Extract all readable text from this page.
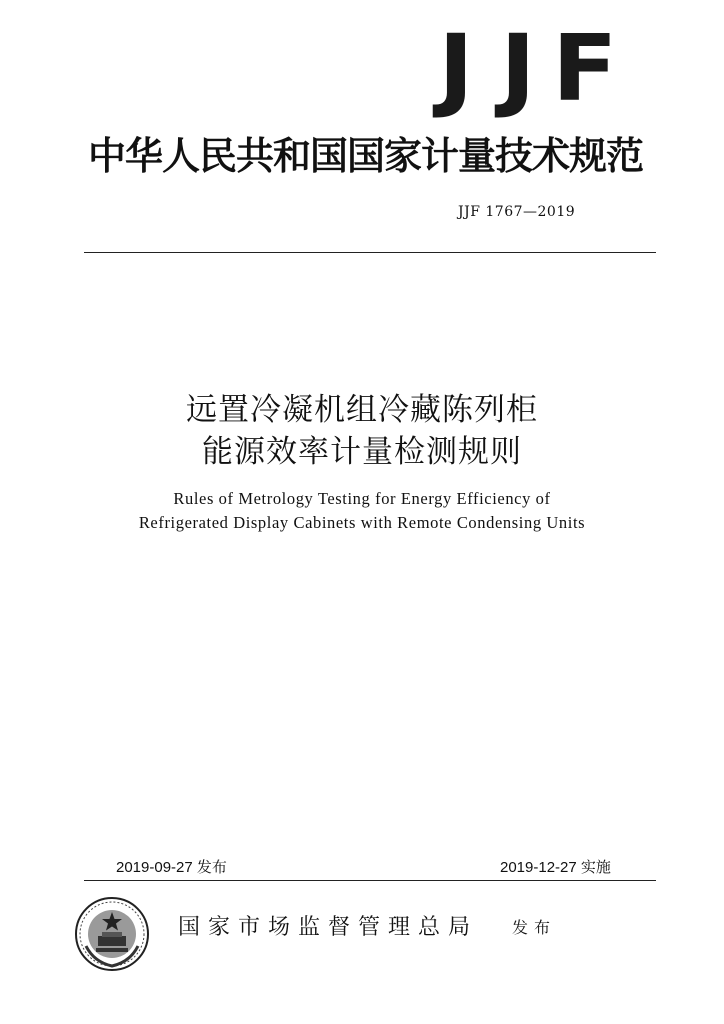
J J F
中华人民共和国国家计量技术规范
JJF 1767—2019
远置冷凝机组冷藏陈列柜
能源效率计量检测规则
Rules of Metrology Testing for Energy Efficiency of
Refrigerated Display Cabinets with Remote Condensing Units
2019-09-27 发布	2019-12-27 实施
国家市场监督管理总局 发布
